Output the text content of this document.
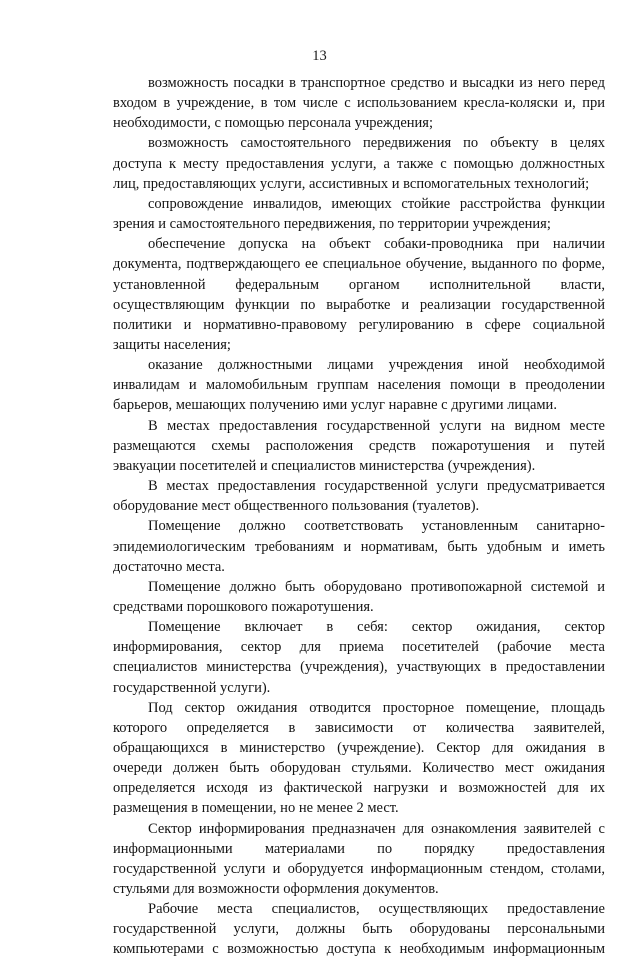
13
возможность посадки в транспортное средство и высадки из него перед
входом в учреждение, в том числе с использованием кресла-коляски и, при
необходимости, с помощью персонала учреждения;
возможность самостоятельного передвижения по объекту в целях
доступа к месту предоставления услуги, а также с помощью должностных
лиц, предоставляющих услуги, ассистивных и вспомогательных технологий;
сопровождение инвалидов, имеющих стойкие расстройства функции
зрения и самостоятельного передвижения, по территории учреждения;
обеспечение допуска на объект собаки-проводника при наличии
документа, подтверждающего ее специальное обучение, выданного по форме,
установленной федеральным органом исполнительной власти,
осуществляющим функции по выработке и реализации государственной
политики и нормативно-правовому регулированию в сфере социальной
защиты населения;
оказание должностными лицами учреждения иной необходимой
инвалидам и маломобильным группам населения помощи в преодолении
барьеров, мешающих получению ими услуг наравне с другими лицами.
В местах предоставления государственной услуги на видном месте
размещаются схемы расположения средств пожаротушения и путей
эвакуации посетителей и специалистов министерства (учреждения).
В местах предоставления государственной услуги предусматривается
оборудование мест общественного пользования (туалетов).
Помещение должно соответствовать установленным санитарно-
эпидемиологическим требованиям и нормативам, быть удобным и иметь
достаточно места.
Помещение должно быть оборудовано противопожарной системой и
средствами порошкового пожаротушения.
Помещение включает в себя: сектор ожидания, сектор
информирования, сектор для приема посетителей (рабочие места
специалистов министерства (учреждения), участвующих в предоставлении
государственной услуги).
Под сектор ожидания отводится просторное помещение, площадь
которого определяется в зависимости от количества заявителей,
обращающихся в министерство (учреждение). Сектор для ожидания в
очереди должен быть оборудован стульями. Количество мест ожидания
определяется исходя из фактической нагрузки и возможностей для их
размещения в помещении, но не менее 2 мест.
Сектор информирования предназначен для ознакомления заявителей с
информационными материалами по порядку предоставления
государственной услуги и оборудуется информационным стендом, столами,
стульями для возможности оформления документов.
Рабочие места специалистов, осуществляющих предоставление
государственной услуги, должны быть оборудованы персональными
компьютерами с возможностью доступа к необходимым информационным
